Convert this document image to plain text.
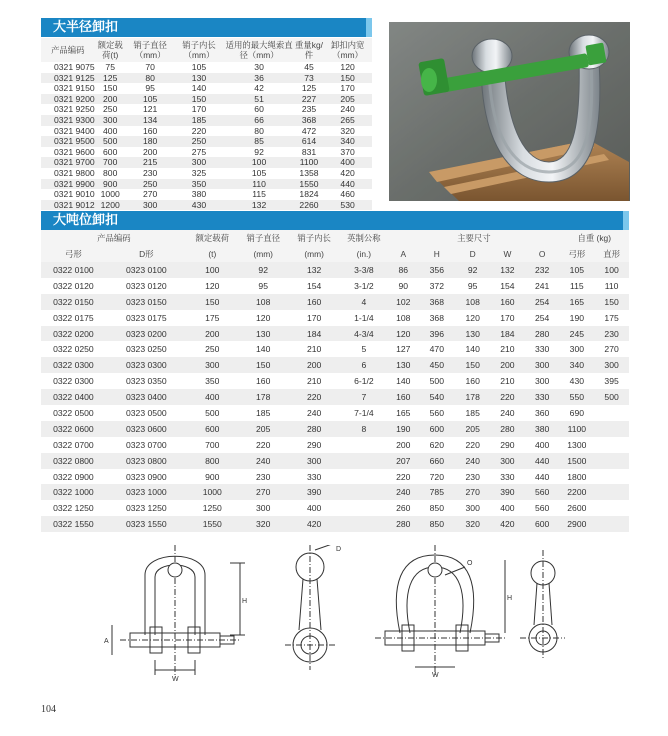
大半径卸扣
产品编码	额定载荷(t)	销子直径（mm）	销子内长（mm）	适用的最大绳索直径（mm）	重量kg/件	卸扣内宽（mm）
0321 9075	75	70	105	30	45	120
0321 9125	125	80	130	36	73	150
0321 9150	150	95	140	42	125	170
0321 9200	200	105	150	51	227	205
0321 9250	250	121	170	60	235	240
0321 9300	300	134	185	66	368	265
0321 9400	400	160	220	80	472	320
0321 9500	500	180	250	85	614	340
0321 9600	600	200	275	92	831	370
0321 9700	700	215	300	100	1100	400
0321 9800	800	230	325	105	1358	420
0321 9900	900	250	350	110	1550	440
0321 9010	1000	270	380	115	1824	460
0321 9012	1200	300	430	132	2260	530
大吨位卸扣
产品编码		额定载荷	销子直径	销子内长	英制公称	主要尺寸					自重 (kg)	
弓形	D形	(t)	(mm)	(mm)	(in.)	A	H	D	W	O	弓形	直形
0322 0100	0323 0100	100	92	132	3-3/8	86	356	92	132	232	105	100
0322 0120	0323 0120	120	95	154	3-1/2	90	372	95	154	241	115	110
0322 0150	0323 0150	150	108	160	4	102	368	108	160	254	165	150
0322 0175	0323 0175	175	120	170	1-1/4	108	368	120	170	254	190	175
0322 0200	0323 0200	200	130	184	4-3/4	120	396	130	184	280	245	230
0322 0250	0323 0250	250	140	210	5	127	470	140	210	330	300	270
0322 0300	0323 0300	300	150	200	6	130	450	150	200	300	340	300
0322 0300	0323 0350	350	160	210	6-1/2	140	500	160	210	300	430	395
0322 0400	0323 0400	400	178	220	7	160	540	178	220	330	550	500
0322 0500	0323 0500	500	185	240	7-1/4	165	560	185	240	360	690	
0322 0600	0323 0600	600	205	280	8	190	600	205	280	380	1100	
0322 0700	0323 0700	700	220	290		200	620	220	290	400	1300	
0322 0800	0323 0800	800	240	300		207	660	240	300	440	1500	
0322 0900	0323 0900	900	230	330		220	720	230	330	440	1800	
0322 1000	0323 1000	1000	270	390		240	785	270	390	560	2200	
0322 1250	0323 1250	1250	300	400		260	850	300	400	560	2600	
0322 1550	0323 1550	1550	320	420		280	850	320	420	600	2900	
H
W
A
D
H
O
W
104
